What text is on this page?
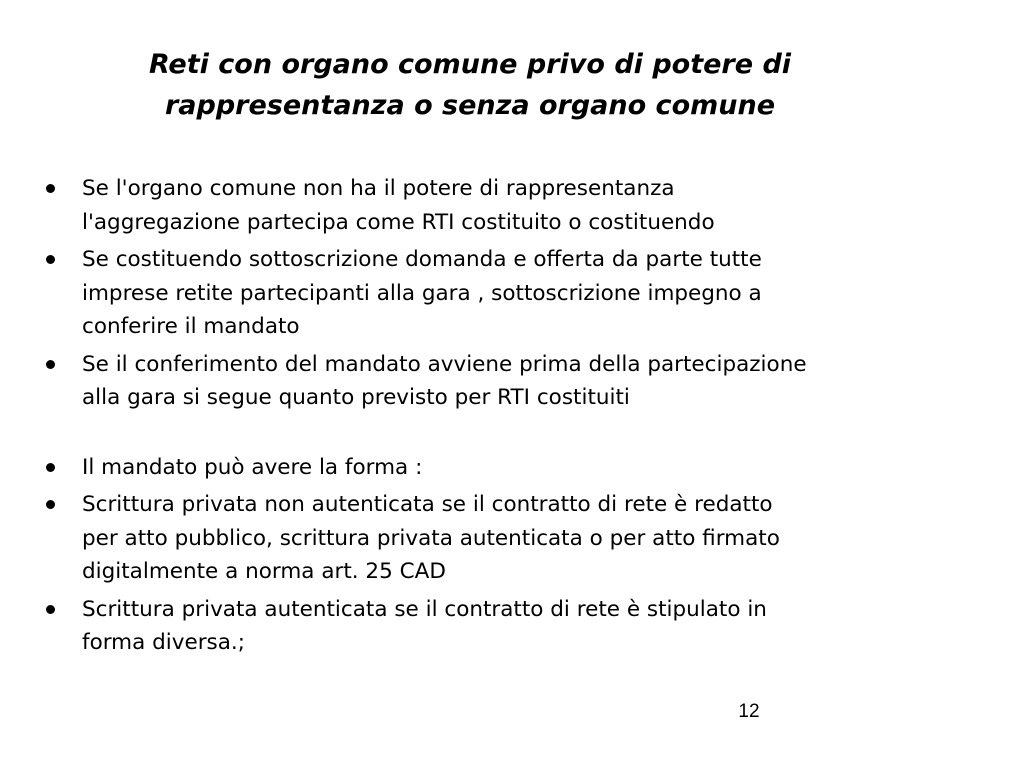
Reti con organo comune privo di potere di
rappresentanza o senza organo comune
Se l'organo comune non ha il potere di rappresentanza
l'aggregazione partecipa come RTI costituito o costituendo
Se costituendo sottoscrizione domanda e offerta da parte tutte
imprese retite partecipanti alla gara , sottoscrizione impegno a
conferire il mandato
Se il conferimento del mandato avviene prima della partecipazione
alla gara si segue quanto previsto per RTI costituiti
Il mandato può avere la forma :
Scrittura privata non autenticata se il contratto di rete è redatto
per atto pubblico, scrittura privata autenticata o per atto firmato
digitalmente a norma art. 25 CAD
Scrittura privata autenticata se il contratto di rete è stipulato in
forma diversa.;
12
